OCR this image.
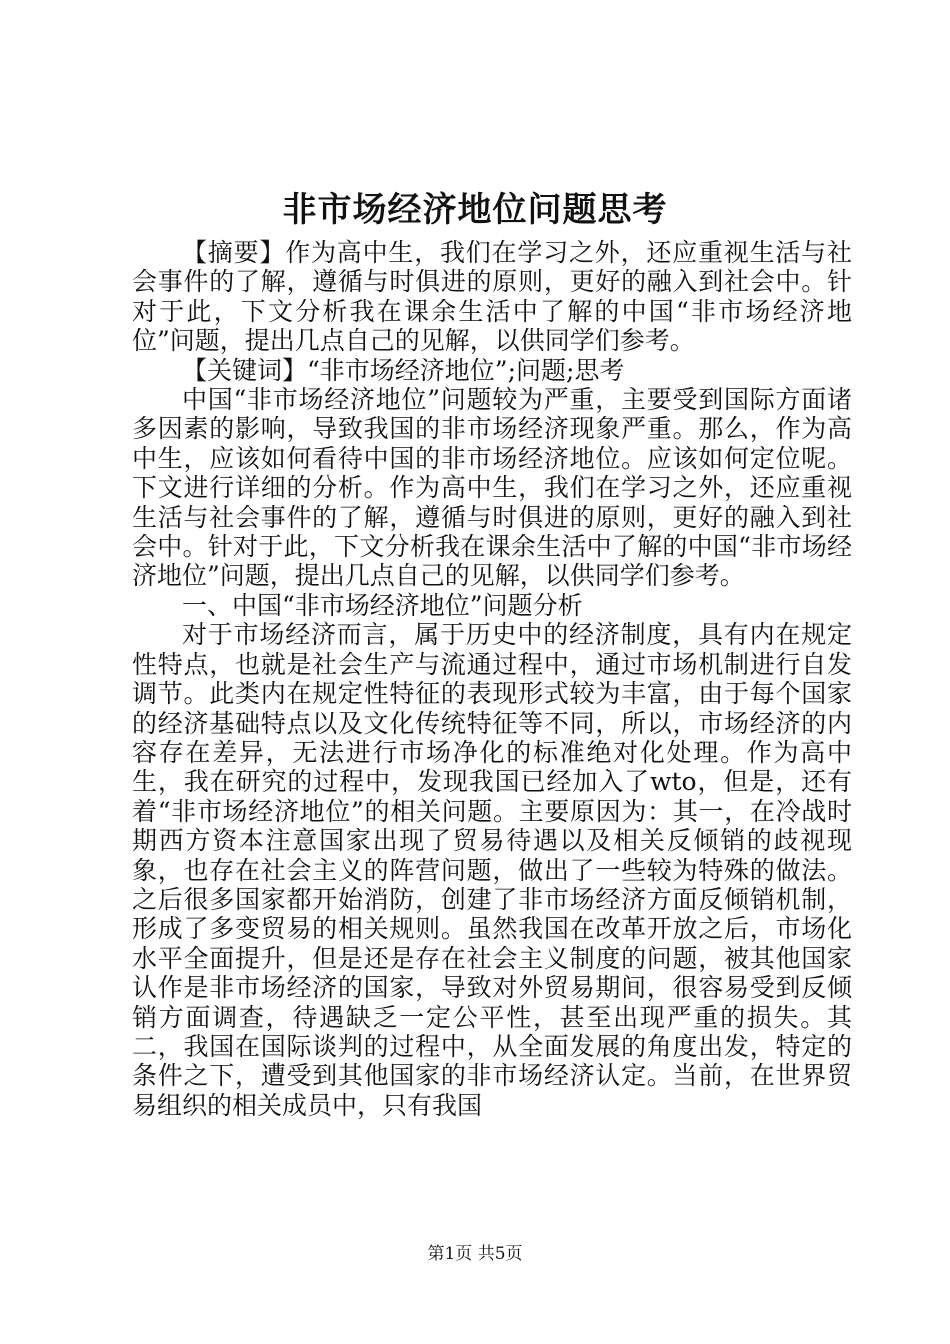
非市场经济地位问题思考

【摘要】作为高中生，我们在学习之外，还应重视生活与社会事件的了解，遵循与时俱进的原则，更好的融入到社会中。针对于此，下文分析我在课余生活中了解的中国“非市场经济地位”问题，提出几点自己的见解，以供同学们参考。

【关键词】“非市场经济地位”;问题;思考

中国“非市场经济地位”问题较为严重，主要受到国际方面诸多因素的影响，导致我国的非市场经济现象严重。那么，作为高中生，应该如何看待中国的非市场经济地位。应该如何定位呢。下文进行详细的分析。作为高中生，我们在学习之外，还应重视生活与社会事件的了解，遵循与时俱进的原则，更好的融入到社会中。针对于此，下文分析我在课余生活中了解的中国“非市场经济地位”问题，提出几点自己的见解，以供同学们参考。

一、中国“非市场经济地位”问题分析

对于市场经济而言，属于历史中的经济制度，具有内在规定性特点，也就是社会生产与流通过程中，通过市场机制进行自发调节。此类内在规定性特征的表现形式较为丰富，由于每个国家的经济基础特点以及文化传统特征等不同，所以，市场经济的内容存在差异，无法进行市场净化的标准绝对化处理。作为高中生，我在研究的过程中，发现我国已经加入了wto，但是，还有着“非市场经济地位”的相关问题。主要原因为：其一，在冷战时期西方资本注意国家出现了贸易待遇以及相关反倾销的歧视现象，也存在社会主义的阵营问题，做出了一些较为特殊的做法。之后很多国家都开始消防，创建了非市场经济方面反倾销机制，形成了多变贸易的相关规则。虽然我国在改革开放之后，市场化水平全面提升，但是还是存在社会主义制度的问题，被其他国家认作是非市场经济的国家，导致对外贸易期间，很容易受到反倾销方面调查，待遇缺乏一定公平性，甚至出现严重的损失。其二，我国在国际谈判的过程中，从全面发展的角度出发，特定的条件之下，遭受到其他国家的非市场经济认定。当前，在世界贸易组织的相关成员中，只有我国

第1页 共5页
